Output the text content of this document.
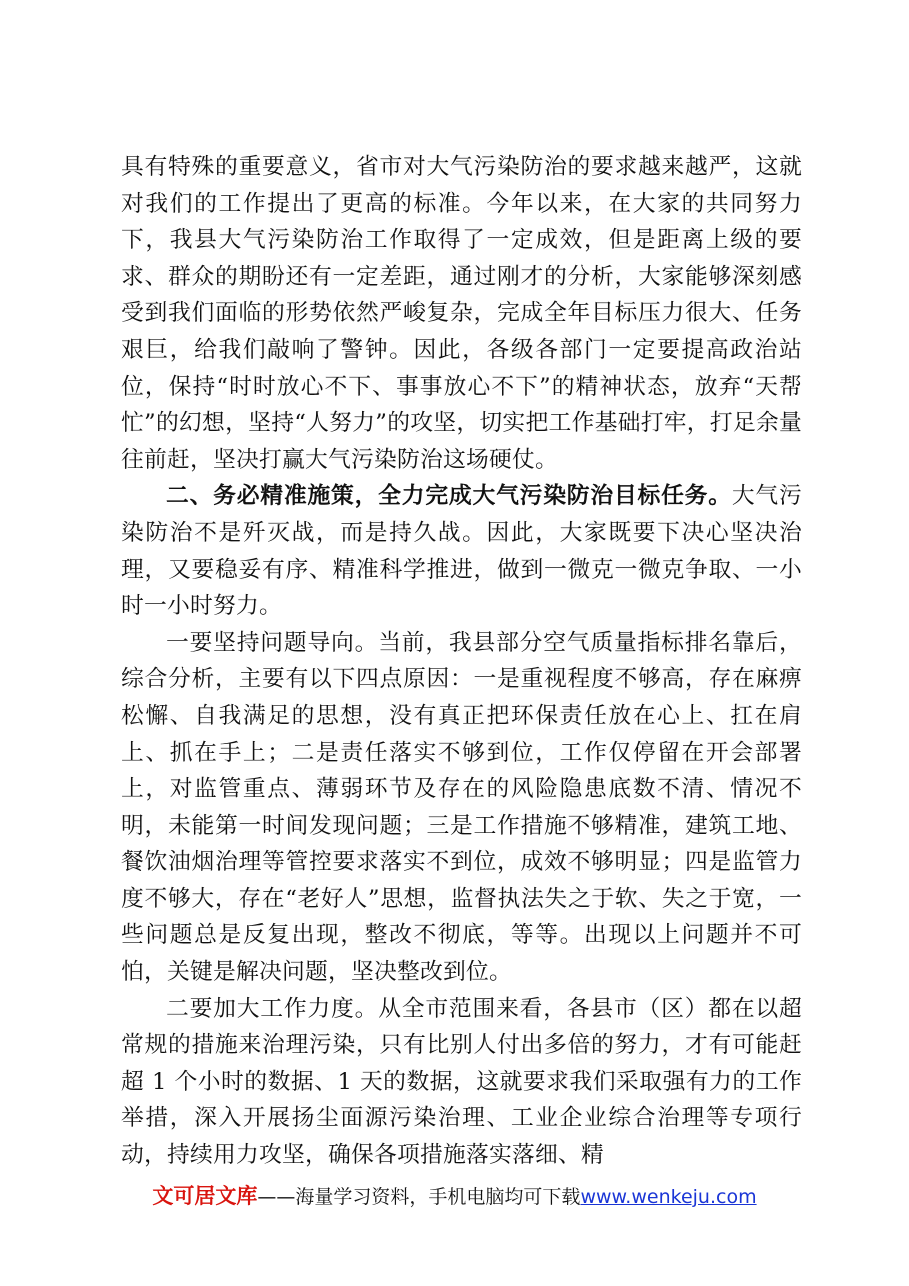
具有特殊的重要意义，省市对大气污染防治的要求越来越严，这就对我们的工作提出了更高的标准。今年以来，在大家的共同努力下，我县大气污染防治工作取得了一定成效，但是距离上级的要求、群众的期盼还有一定差距，通过刚才的分析，大家能够深刻感受到我们面临的形势依然严峻复杂，完成全年目标压力很大、任务艰巨，给我们敲响了警钟。因此，各级各部门一定要提高政治站位，保持“时时放心不下、事事放心不下”的精神状态，放弃“天帮忙”的幻想，坚持“人努力”的攻坚，切实把工作基础打牢，打足余量往前赶，坚决打赢大气污染防治这场硬仗。

二、务必精准施策，全力完成大气污染防治目标任务。大气污染防治不是歼灭战，而是持久战。因此，大家既要下决心坚决治理，又要稳妥有序、精准科学推进，做到一微克一微克争取、一小时一小时努力。

一要坚持问题导向。当前，我县部分空气质量指标排名靠后，综合分析，主要有以下四点原因：一是重视程度不够高，存在麻痹松懈、自我满足的思想，没有真正把环保责任放在心上、扛在肩上、抓在手上；二是责任落实不够到位，工作仅停留在开会部署上，对监管重点、薄弱环节及存在的风险隐患底数不清、情况不明，未能第一时间发现问题；三是工作措施不够精准，建筑工地、餐饮油烟治理等管控要求落实不到位，成效不够明显；四是监管力度不够大，存在“老好人”思想，监督执法失之于软、失之于宽，一些问题总是反复出现，整改不彻底，等等。出现以上问题并不可怕，关键是解决问题，坚决整改到位。

二要加大工作力度。从全市范围来看，各县市（区）都在以超常规的措施来治理污染，只有比别人付出多倍的努力，才有可能赶超 1 个小时的数据、1 天的数据，这就要求我们采取强有力的工作举措，深入开展扬尘面源污染治理、工业企业综合治理等专项行动，持续用力攻坚，确保各项措施落实落细、精

文可居文库——海量学习资料，手机电脑均可下载www.wenkeju.com
